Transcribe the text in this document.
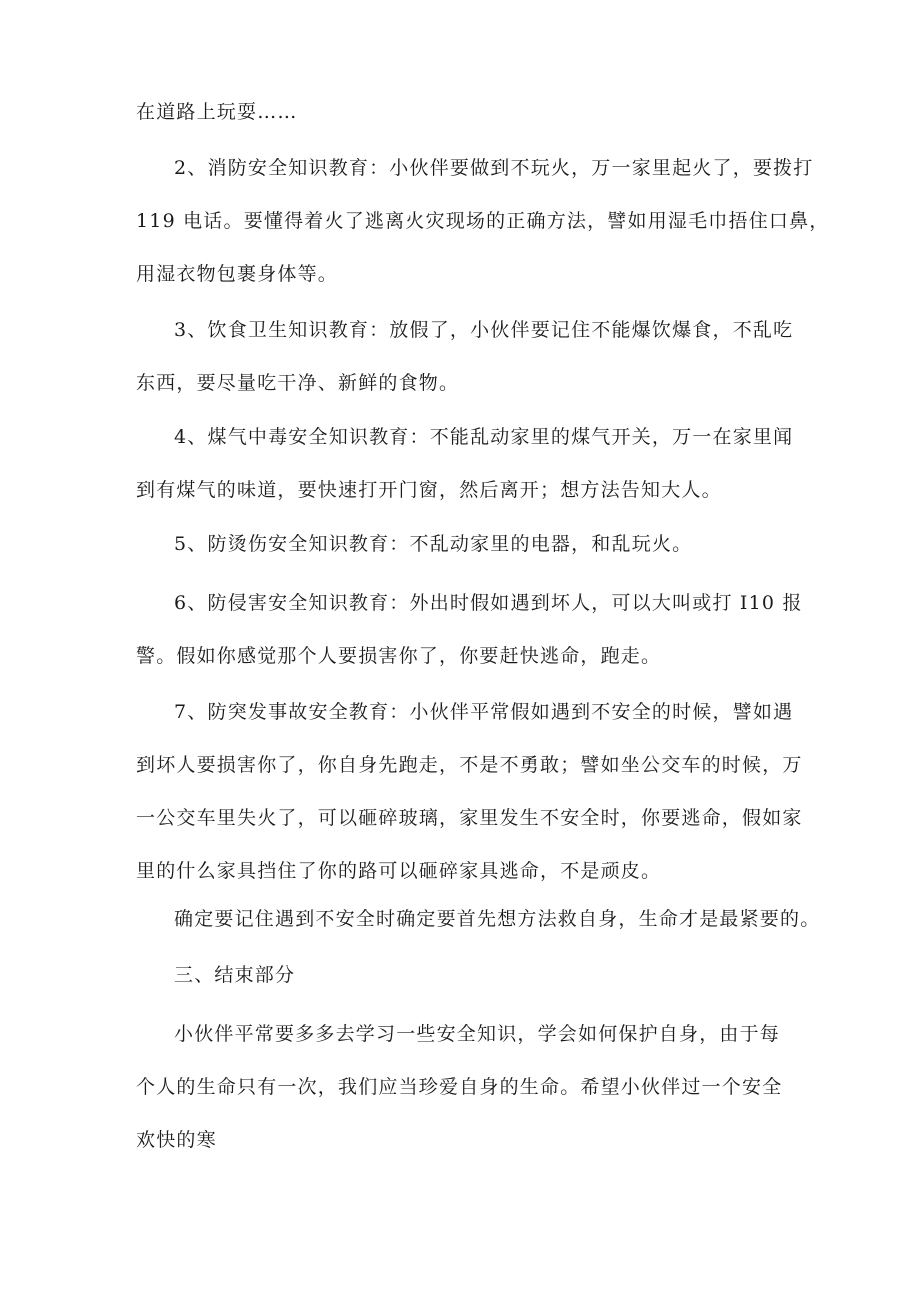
在道路上玩耍……

2、消防安全知识教育：小伙伴要做到不玩火，万一家里起火了，要拨打
119 电话。要懂得着火了逃离火灾现场的正确方法，譬如用湿毛巾捂住口鼻，
用湿衣物包裹身体等。

3、饮食卫生知识教育：放假了，小伙伴要记住不能爆饮爆食，不乱吃
东西，要尽量吃干净、新鲜的食物。

4、煤气中毒安全知识教育：不能乱动家里的煤气开关，万一在家里闻
到有煤气的味道，要快速打开门窗，然后离开；想方法告知大人。

5、防烫伤安全知识教育：不乱动家里的电器，和乱玩火。

6、防侵害安全知识教育：外出时假如遇到坏人，可以大叫或打 I10 报
警。假如你感觉那个人要损害你了，你要赶快逃命，跑走。

7、防突发事故安全教育：小伙伴平常假如遇到不安全的时候，譬如遇
到坏人要损害你了，你自身先跑走，不是不勇敢；譬如坐公交车的时候，万
一公交车里失火了，可以砸碎玻璃，家里发生不安全时，你要逃命，假如家
里的什么家具挡住了你的路可以砸碎家具逃命，不是顽皮。

确定要记住遇到不安全时确定要首先想方法救自身，生命才是最紧要的。

三、结束部分

小伙伴平常要多多去学习一些安全知识，学会如何保护自身，由于每
个人的生命只有一次，我们应当珍爱自身的生命。希望小伙伴过一个安全
欢快的寒
